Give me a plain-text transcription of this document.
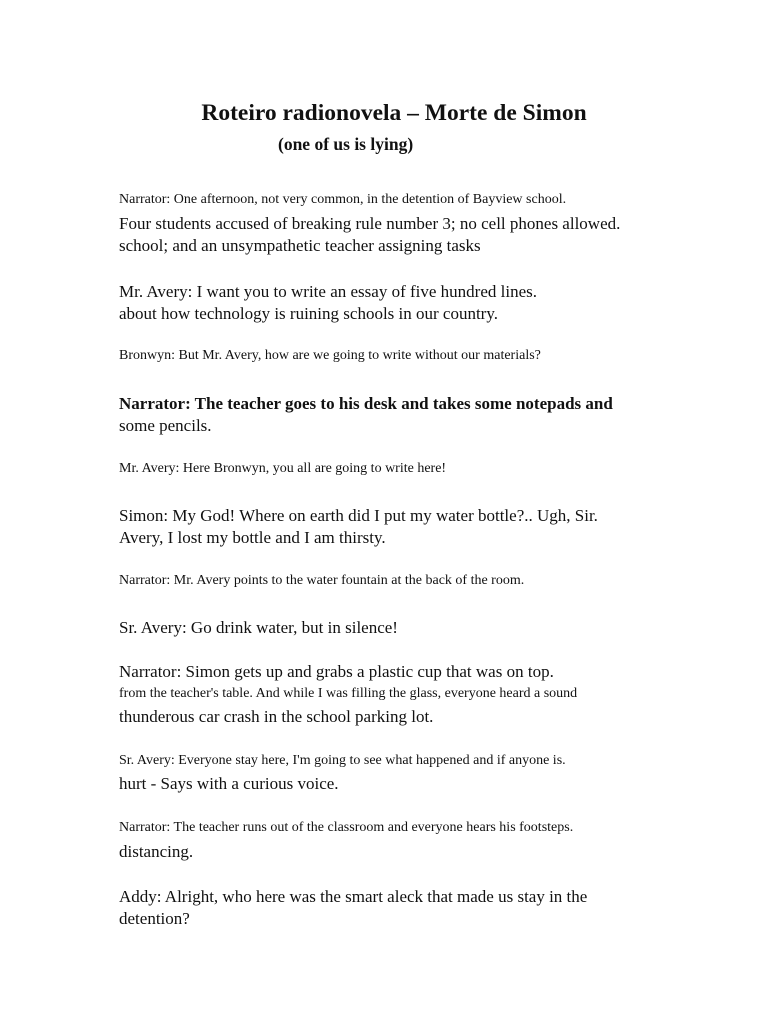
Roteiro radionovela – Morte de Simon

(one of us is lying)

Narrator: One afternoon, not very common, in the detention of Bayview school.

Four students accused of breaking rule number 3; no cell phones allowed.

school; and an unsympathetic teacher assigning tasks

Mr. Avery: I want you to write an essay of five hundred lines.

about how technology is ruining schools in our country.

Bronwyn: But Mr. Avery, how are we going to write without our materials?

Narrator: The teacher goes to his desk and takes some notepads and

some pencils.

Mr. Avery: Here Bronwyn, you all are going to write here!

Simon: My God! Where on earth did I put my water bottle?.. Ugh, Sir.

Avery, I lost my bottle and I am thirsty.

Narrator: Mr. Avery points to the water fountain at the back of the room.

Sr. Avery: Go drink water, but in silence!

Narrator: Simon gets up and grabs a plastic cup that was on top.

from the teacher's table. And while I was filling the glass, everyone heard a sound

thunderous car crash in the school parking lot.

Sr. Avery: Everyone stay here, I'm going to see what happened and if anyone is.

hurt - Says with a curious voice.

Narrator: The teacher runs out of the classroom and everyone hears his footsteps.

distancing.

Addy: Alright, who here was the smart aleck that made us stay in the

detention?
